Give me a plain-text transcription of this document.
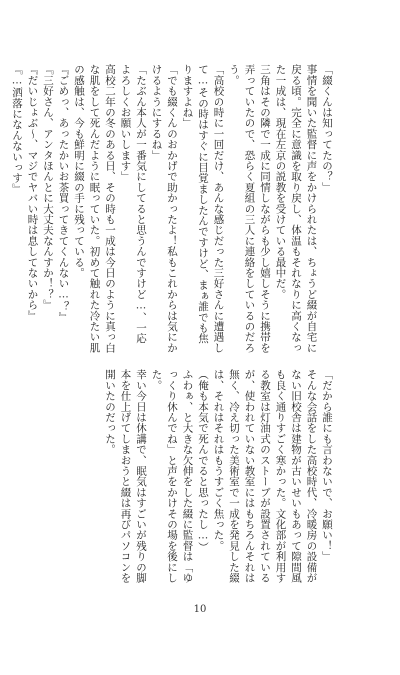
「綴くんは知ってたの？」
事情を聞いた監督に声をかけられたは、ちょうど綴が自宅に戻る頃。完全に意識を取り戻し、体温もそれなりに高くなった一成は、現在左京の説教を受けている最中だ。
三角はその隣で一成に同情しながらも少し嬉しそうに携帯を弄っていたので、恐らく夏組の三人に連絡をしているのだろう。
「高校の時に一回だけ、あんな感じだった三好さんに遭遇して…その時はすぐに目覚ましたんですけど、まぁ誰でも焦りますよね」
「でも綴くんのおかげで助かったよ！私もこれからは気にかけるようにするね」
「たぶん本人が一番気にしてると思うんですけど…、一応よろしくお願いします」
高校二年の冬のある日、その時も一成は今日のように真っ白な肌をして死んだように眠っていた。初めて触れた冷たい肌の感触は、今も鮮明に綴の手に残っている。
『ごめっ、あったかいお茶買ってきてくんない…？』
『三好さん、アンタほんとに大丈夫なんすか！？』
『だいじょぶ〜、マジでヤバい時は息してないから』
『…洒落になんないっす』
「だから誰にも言わないで、お願い！」
そんな会話をした高校時代、冷暖房の設備がない旧校舎は建物が古いせいもあって隙間風も良く通りすごく寒かった。文化部が利用する教室は灯油式のストーブが設置されているが、使われていない教室にはもちろんそれは無く、冷え切った美術室で一成を発見した綴は、それはそれはもうすごく焦った。
（俺も本気で死んでると思ったし…）
ふわぁ、と大きな欠伸をした綴に監督は「ゆっくり休んでね」と声をかけその場を後にした。
幸い今日は休講で、眠気はすごいが残りの脚本を仕上げてしまおうと綴は再びパソコンを開いたのだった。
10
